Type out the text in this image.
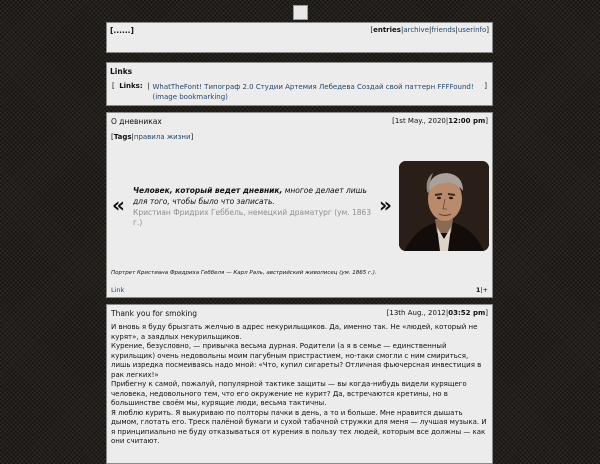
[......]	[entries|archive|friends|userinfo]
Links
[ Links: | WhatTheFont! Типограф 2.0 Студии Артемия Лебедева Создай свой паттерн FFFFound! (image bookmarking)
]
О дневниках	[1st May., 2020|12:00 pm]
[Tags|правила жизни]
«
Человек, который ведет дневник, многое делает лишь для того, чтобы было что записать.
Кристиан Фридрих Геббель, немецкий драматург (ум. 1863 г.)
»
Портрет Кристиана Фридриха Геббеля — Карл Раль, австрийский живописец (ум. 1865 г.).
Link	1|+
Thank you for smoking	[13th Aug., 2012|03:52 pm]

И вновь я буду брызгать желчью в адрес некурильщиков. Да, именно так. Не «людей, который не курят», а заядлых некурильщиков.

Курение, безусловно, — привычка весьма дурная. Родители (а я в семье — единственный курильщик) очень недовольны моим пагубным пристрастием, но-таки смогли с ним смириться, лишь изредка посмеиваясь надо мной: «Что, купил сигареты? Отличная фьючерсная инвестиция в рак легких!»

Прибегну к самой, пожалуй, популярной тактике защиты — вы когда-нибудь видели курящего человека, недовольного тем, что его окружение не курит? Да, встречаются кретины, но в большинстве своём мы, курящие люди, весьма тактичны.

Я люблю курить. Я выкуриваю по полторы пачки в день, а то и больше. Мне нравится дышать дымом, глотать его. Треск палёной бумаги и сухой табачной стружки для меня — лучшая музыка. И я принципиально не буду отказываться от курения в пользу тех людей, которым все должны — как они считают.
